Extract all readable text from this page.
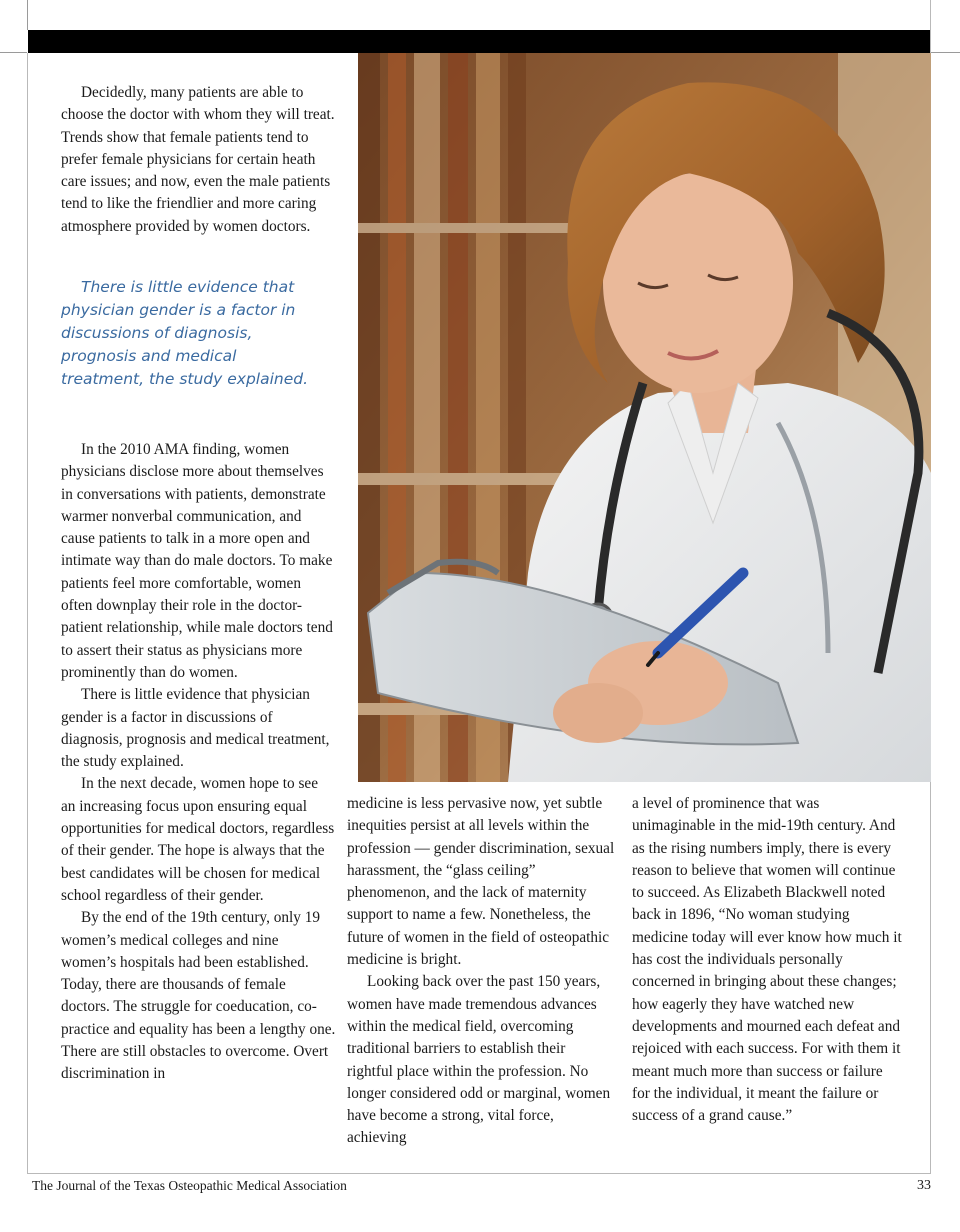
Decidedly, many patients are able to choose the doctor with whom they will treat. Trends show that female patients tend to prefer female physicians for certain heath care issues; and now, even the male patients tend to like the friendlier and more caring atmosphere provided by women doctors.

There is little evidence that physician gender is a factor in discussions of diagnosis, prognosis and medical treatment, the study explained.

In the 2010 AMA finding, women physicians disclose more about themselves in conversations with patients, demonstrate warmer nonverbal communication, and cause patients to talk in a more open and intimate way than do male doctors. To make patients feel more comfortable, women often downplay their role in the doctor-patient relationship, while male doctors tend to assert their status as physicians more prominently than do women.

There is little evidence that physician gender is a factor in discussions of diagnosis, prognosis and medical treatment, the study explained.

In the next decade, women hope to see an increasing focus upon ensuring equal opportunities for medical doctors, regardless of their gender. The hope is always that the best candidates will be chosen for medical school regardless of their gender.

By the end of the 19th century, only 19 women’s medical colleges and nine women’s hospitals had been established. Today, there are thousands of female doctors. The struggle for coeducation, co-practice and equality has been a lengthy one. There are still obstacles to overcome. Overt discrimination in

medicine is less pervasive now, yet subtle inequities persist at all levels within the profession — gender discrimination, sexual harassment, the “glass ceiling” phenomenon, and the lack of maternity support to name a few. Nonetheless, the future of women in the field of osteopathic medicine is bright.

Looking back over the past 150 years, women have made tremendous advances within the medical field, overcoming traditional barriers to establish their rightful place within the profession. No longer considered odd or marginal, women have become a strong, vital force, achieving

a level of prominence that was unimaginable in the mid-19th century. And as the rising numbers imply, there is every reason to believe that women will continue to succeed. As Elizabeth Blackwell noted back in 1896, “No woman studying medicine today will ever know how much it has cost the individuals personally concerned in bringing about these changes; how eagerly they have watched new developments and mourned each defeat and rejoiced with each success. For with them it meant much more than success or failure for the individual, it meant the failure or success of a grand cause.”

The Journal of the Texas Osteopathic Medical Association	33
